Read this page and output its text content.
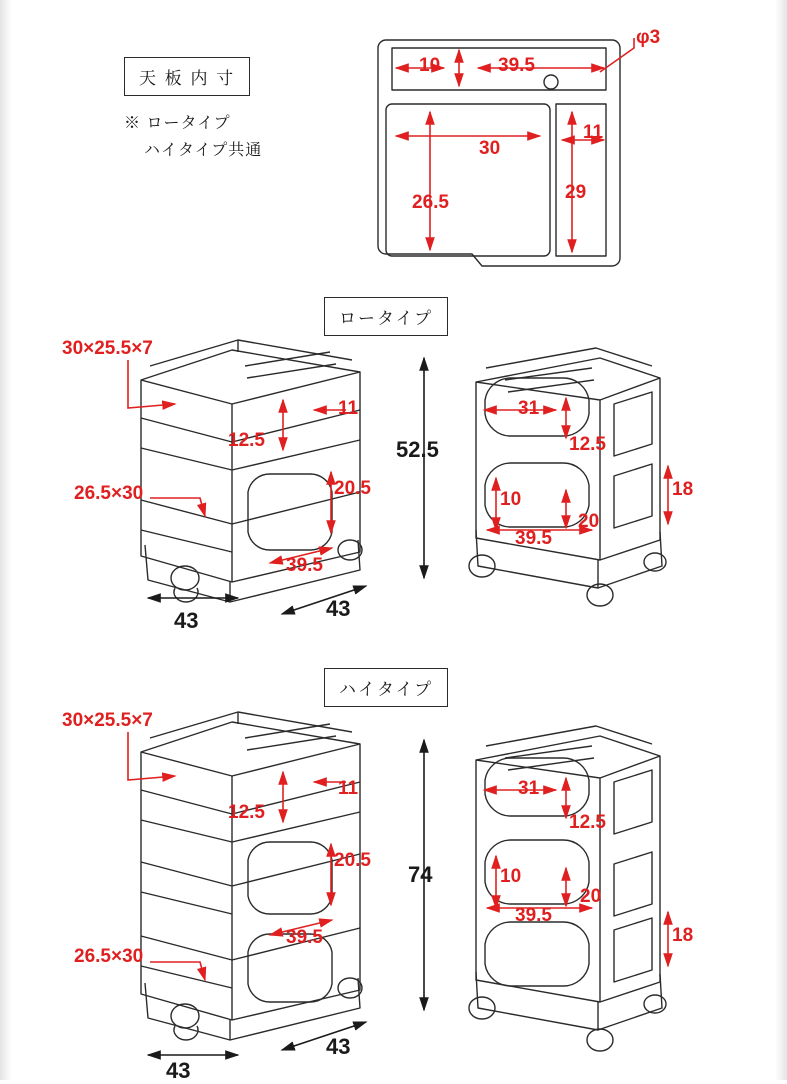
天 板 内 寸
※ ロータイプ
ハイタイプ共通
10	39.5
φ3
30
26.5
11
29
ロータイプ
30×25.5×7
11
12.5
20.5
39.5
26.5×30
52.5
43	43
31
12.5
10
20
39.5
18
ハイタイプ
30×25.5×7
11
12.5
20.5
39.5
26.5×30
74
43
43
31
12.5
10
20
39.5
18
